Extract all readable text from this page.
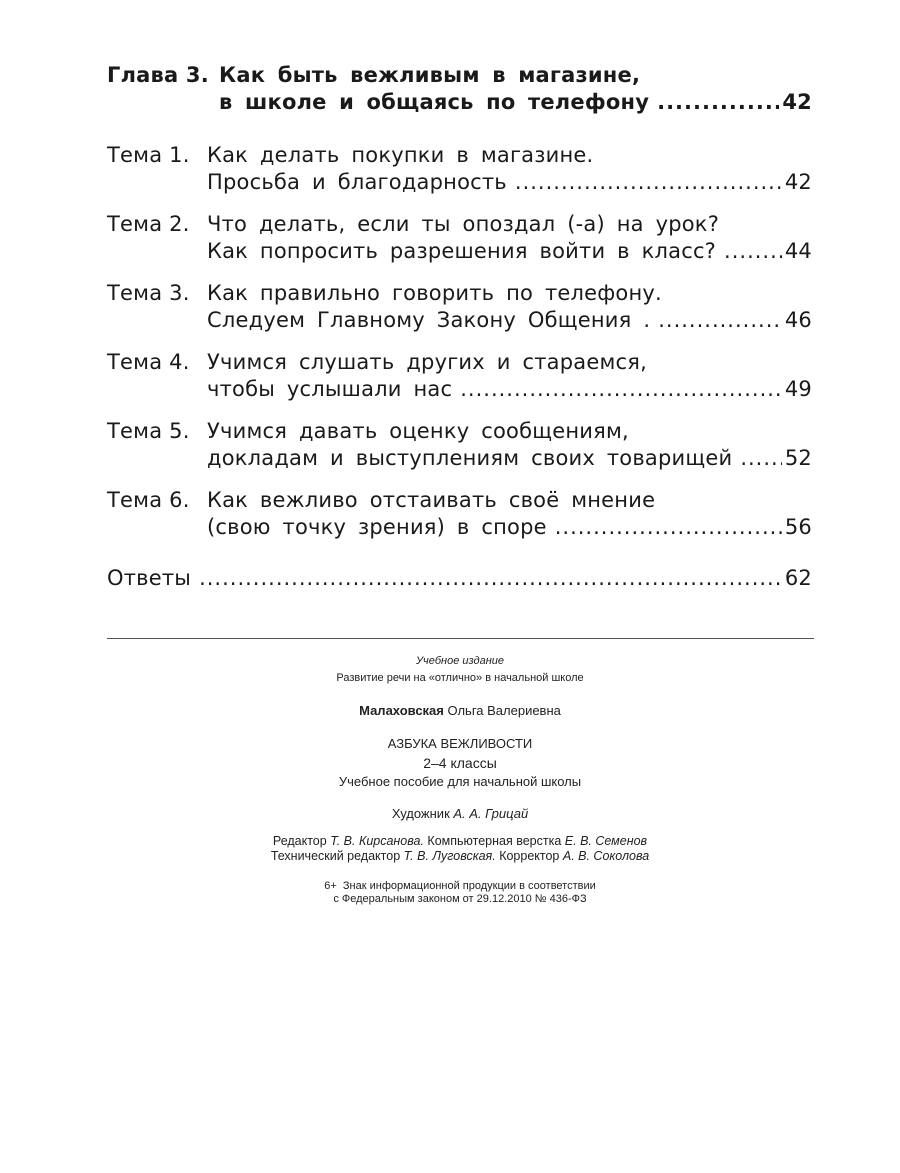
Глава 3. Как быть вежливым в магазине,
в школе и общаясь по телефону .....	42
Тема 1. Как делать покупки в магазине.
Просьба и благодарность .....	42
Тема 2. Что делать, если ты опоздал (-а) на урок?
Как попросить разрешения войти в класс? .....	44
Тема 3. Как правильно говорить по телефону.
Следуем Главному Закону Общения . .....	46
Тема 4. Учимся слушать других и стараемся,
чтобы услышали нас .....	49
Тема 5. Учимся давать оценку сообщениям,
докладам и выступлениям своих товарищей .....	52
Тема 6. Как вежливо отстаивать своё мнение
(свою точку зрения) в споре .....	56
Ответы .....	62
Учебное издание
Развитие речи на «отлично» в начальной школе
Малаховская Ольга Валериевна
АЗБУКА ВЕЖЛИВОСТИ
2–4 классы
Учебное пособие для начальной школы
Художник А. А. Грицай
Редактор Т. В. Кирсанова. Компьютерная верстка Е. В. Семенов
Технический редактор Т. В. Луговская. Корректор А. В. Соколова
6+ Знак информационной продукции в соответствии
с Федеральным законом от 29.12.2010 № 436-ФЗ
